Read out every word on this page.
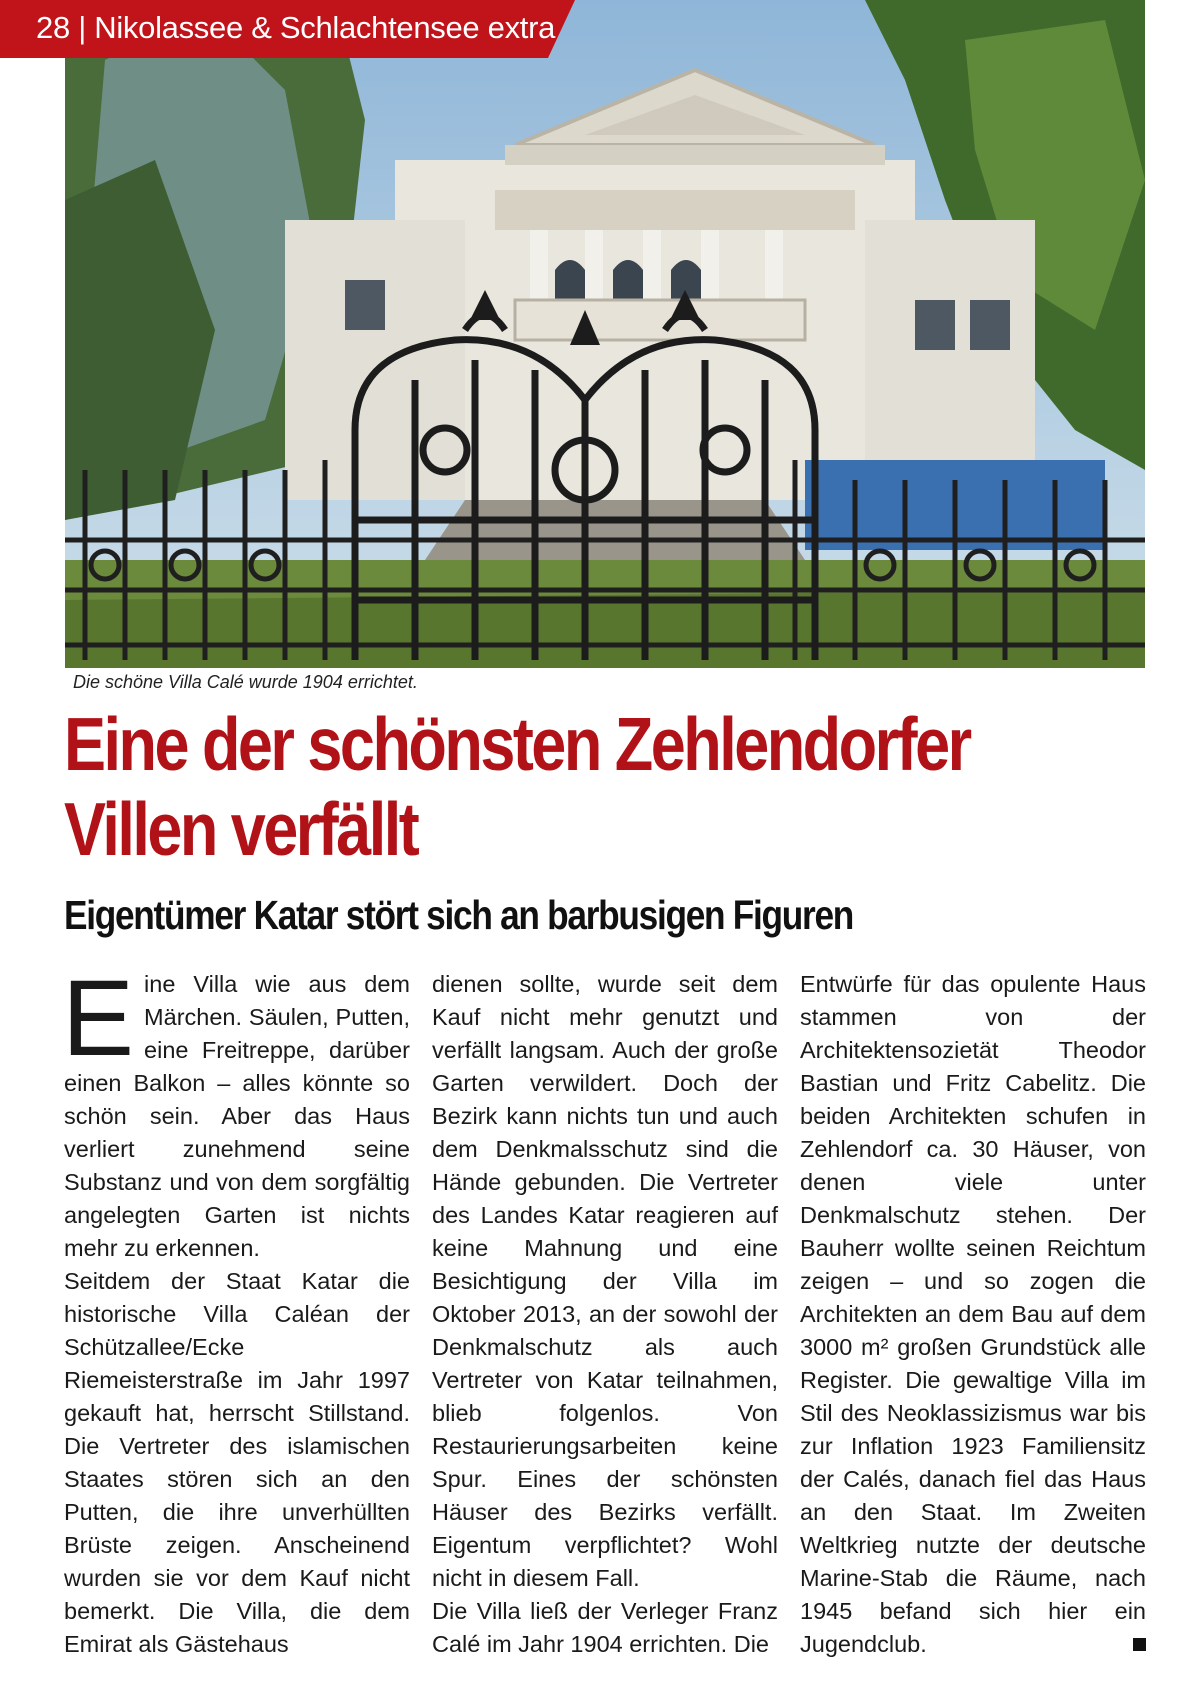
28 | Nikolassee & Schlachtensee extra
Die schöne Villa Calé wurde 1904 errichtet.
Eine der schönsten Zehlendorfer Villen verfällt
Eigentümer Katar stört sich an barbusigen Figuren

E ine Villa wie aus dem Märchen. Säulen, Putten, eine Freitreppe, darüber einen Balkon – alles könnte so schön sein. Aber das Haus verliert zunehmend seine Substanz und von dem sorgfältig angelegten Garten ist nichts mehr zu erkennen.

Seitdem der Staat Katar die historische Villa Caléan der Schützallee/Ecke Riemeisterstraße im Jahr 1997 gekauft hat, herrscht Stillstand. Die Vertreter des islamischen Staates stören sich an den Putten, die ihre unverhüllten Brüste zeigen. Anscheinend wurden sie vor dem Kauf nicht bemerkt. Die Villa, die dem Emirat als Gästehaus

dienen sollte, wurde seit dem Kauf nicht mehr genutzt und verfällt langsam. Auch der große Garten verwildert. Doch der Bezirk kann nichts tun und auch dem Denkmalsschutz sind die Hände gebunden. Die Vertreter des Landes Katar reagieren auf keine Mahnung und eine Besichtigung der Villa im Oktober 2013, an der sowohl der Denkmalschutz als auch Vertreter von Katar teilnahmen, blieb folgenlos. Von Restaurierungsarbeiten keine Spur. Eines der schönsten Häuser des Bezirks verfällt. Eigentum verpflichtet? Wohl nicht in diesem Fall.

Die Villa ließ der Verleger Franz Calé im Jahr 1904 errichten. Die

Entwürfe für das opulente Haus stammen von der Architektensozietät Theodor Bastian und Fritz Cabelitz. Die beiden Architekten schufen in Zehlendorf ca. 30 Häuser, von denen viele unter Denkmalschutz stehen. Der Bauherr wollte seinen Reichtum zeigen – und so zogen die Architekten an dem Bau auf dem 3000 m² großen Grundstück alle Register. Die gewaltige Villa im Stil des Neoklassizismus war bis zur Inflation 1923 Familiensitz der Calés, danach fiel das Haus an den Staat. Im Zweiten Weltkrieg nutzte der deutsche Marine-Stab die Räume, nach 1945 befand sich hier ein Jugendclub.
